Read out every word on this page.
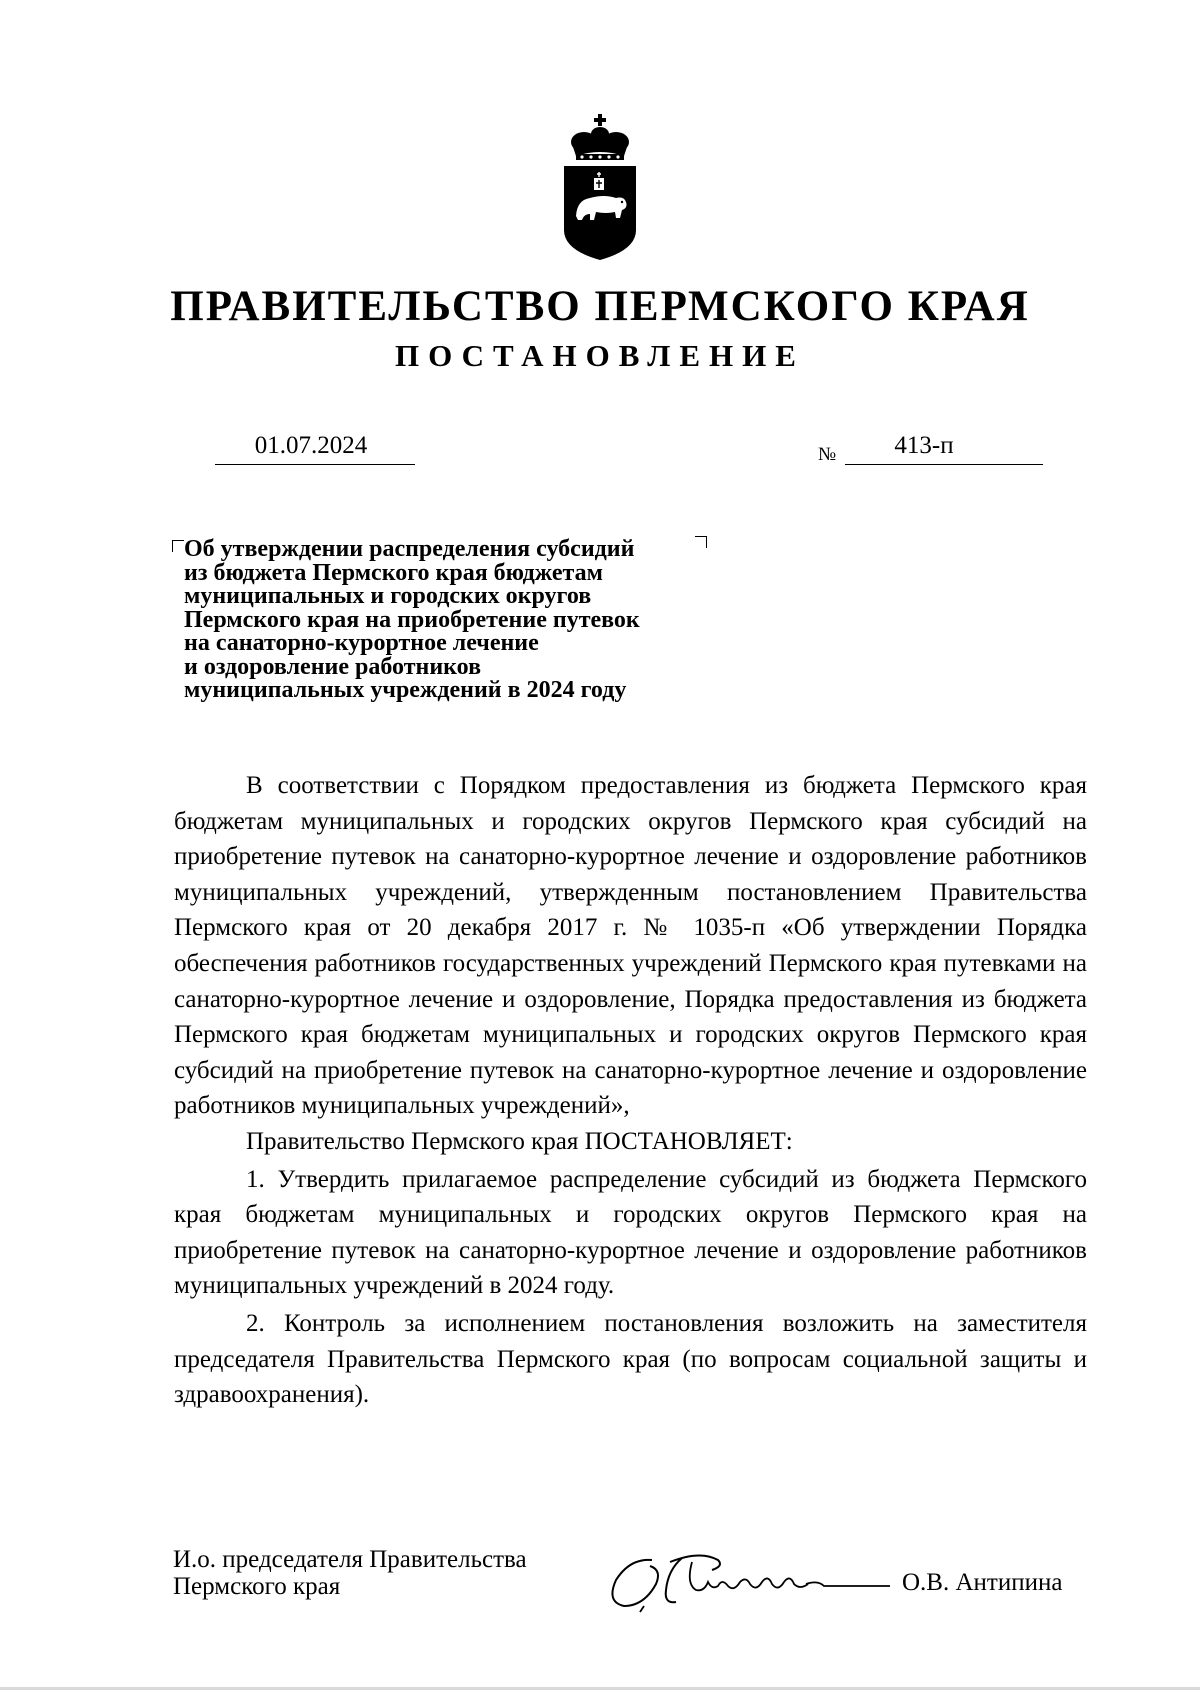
ПРАВИТЕЛЬСТВО ПЕРМСКОГО КРАЯ
ПОСТАНОВЛЕНИЕ
01.07.2024	№	413-п
Об утверждении распределения субсидий
из бюджета Пермского края бюджетам
муниципальных и городских округов
Пермского края на приобретение путевок
на санаторно-курортное лечение
и оздоровление работников
муниципальных учреждений в 2024 году

В соответствии с Порядком предоставления из бюджета Пермского края бюджетам муниципальных и городских округов Пермского края субсидий на приобретение путевок на санаторно-курортное лечение и оздоровление работников муниципальных учреждений, утвержденным постановлением Правительства Пермского края от 20 декабря 2017 г. № 1035-п «Об утверждении Порядка обеспечения работников государственных учреждений Пермского края путевками на санаторно-курортное лечение и оздоровление, Порядка предоставления из бюджета Пермского края бюджетам муниципальных и городских округов Пермского края субсидий на приобретение путевок на санаторно-курортное лечение и оздоровление работников муниципальных учреждений»,

Правительство Пермского края ПОСТАНОВЛЯЕТ:

1. Утвердить прилагаемое распределение субсидий из бюджета Пермского края бюджетам муниципальных и городских округов Пермского края на приобретение путевок на санаторно-курортное лечение и оздоровление работников муниципальных учреждений в 2024 году.

2. Контроль за исполнением постановления возложить на заместителя председателя Правительства Пермского края (по вопросам социальной защиты и здравоохранения).

И.о. председателя Правительства
Пермского края	О.В. Антипина
